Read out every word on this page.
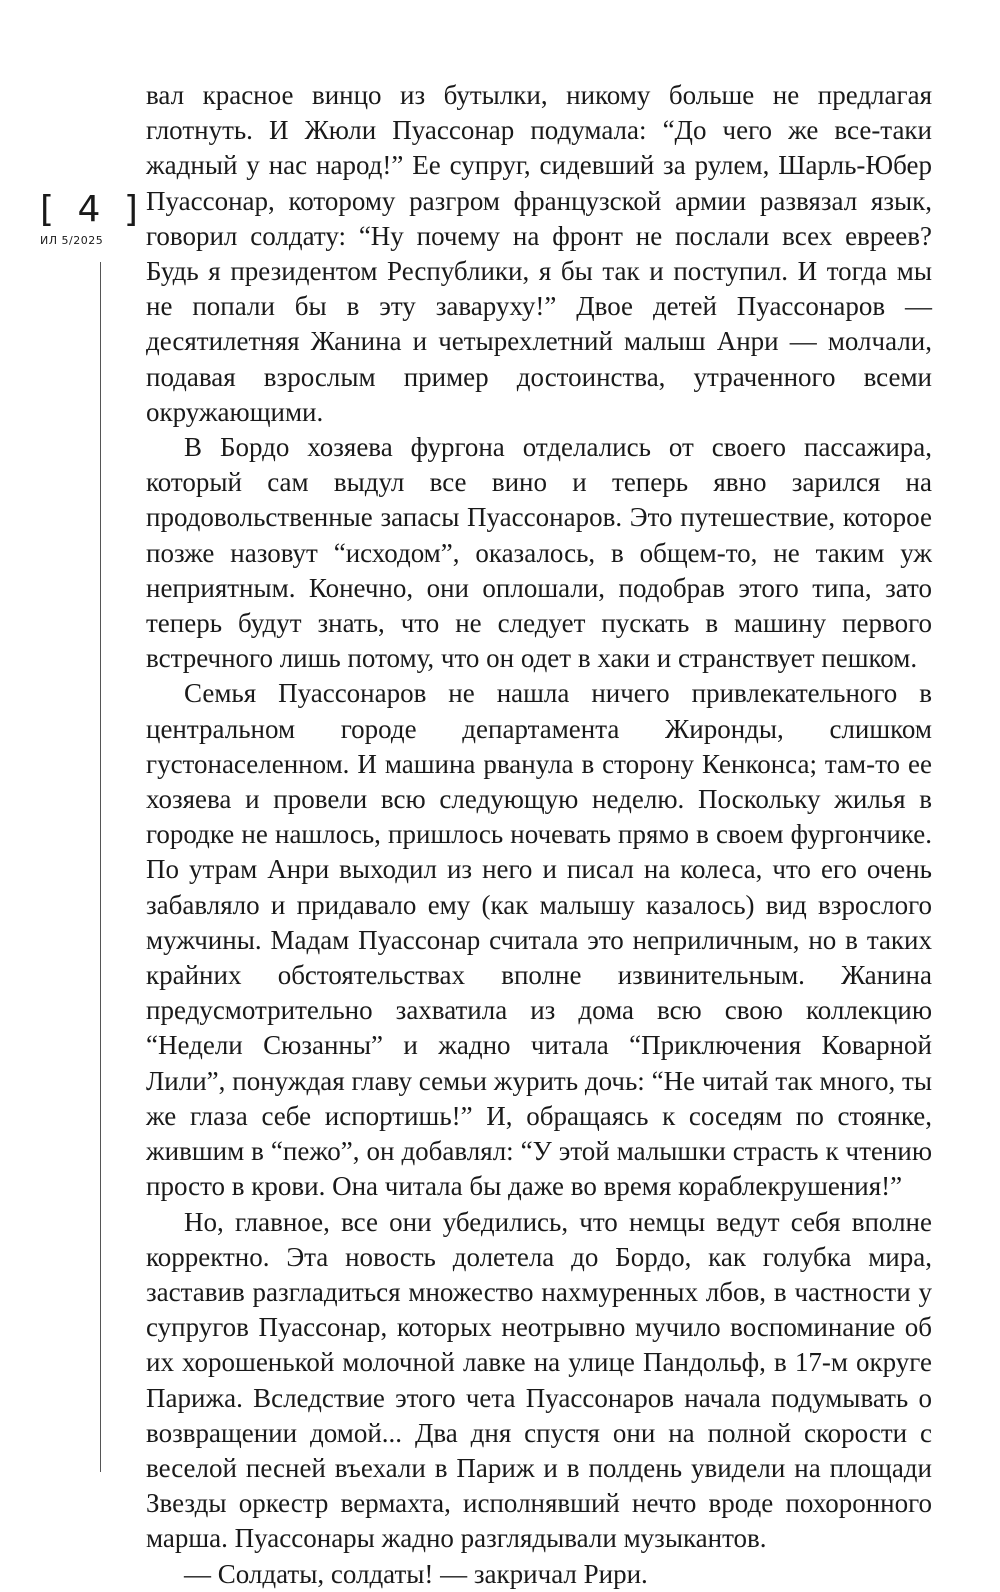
[ 4 ]
ИЛ 5/2025

вал красное винцо из бутылки, никому больше не предлагая глотнуть. И Жюли Пуассонар подумала: “До чего же все-таки жадный у нас народ!” Ее супруг, сидевший за рулем, Шарль-Юбер Пуассонар, которому разгром французской армии развязал язык, говорил солдату: “Ну почему на фронт не послали всех евреев? Будь я президентом Республики, я бы так и поступил. И тогда мы не попали бы в эту заваруху!” Двое детей Пуассонаров — десятилетняя Жанина и четырехлетний малыш Анри — молчали, подавая взрослым пример достоинства, утраченного всеми окружающими.

В Бордо хозяева фургона отделались от своего пассажира, который сам выдул все вино и теперь явно зарился на продовольственные запасы Пуассонаров. Это путешествие, которое позже назовут “исходом”, оказалось, в общем-то, не таким уж неприятным. Конечно, они оплошали, подобрав этого типа, зато теперь будут знать, что не следует пускать в машину первого встречного лишь потому, что он одет в хаки и странствует пешком.

Семья Пуассонаров не нашла ничего привлекательного в центральном городе департамента Жиронды, слишком густонаселенном. И машина рванула в сторону Кенконса; там-то ее хозяева и провели всю следующую неделю. Поскольку жилья в городке не нашлось, пришлось ночевать прямо в своем фургончике. По утрам Анри выходил из него и писал на колеса, что его очень забавляло и придавало ему (как малышу казалось) вид взрослого мужчины. Мадам Пуассонар считала это неприличным, но в таких крайних обстоятельствах вполне извинительным. Жанина предусмотрительно захватила из дома всю свою коллекцию “Недели Сюзанны” и жадно читала “Приключения Коварной Лили”, понуждая главу семьи журить дочь: “Не читай так много, ты же глаза себе испортишь!” И, обращаясь к соседям по стоянке, жившим в “пежо”, он добавлял: “У этой малышки страсть к чтению просто в крови. Она читала бы даже во время кораблекрушения!”

Но, главное, все они убедились, что немцы ведут себя вполне корректно. Эта новость долетела до Бордо, как голубка мира, заставив разгладиться множество нахмуренных лбов, в частности у супругов Пуассонар, которых неотрывно мучило воспоминание об их хорошенькой молочной лавке на улице Пандольф, в 17-м округе Парижа. Вследствие этого чета Пуассонаров начала подумывать о возвращении домой... Два дня спустя они на полной скорости с веселой песней въехали в Париж и в полдень увидели на площади Звезды оркестр вермахта, исполнявший нечто вроде похоронного марша. Пуассонары жадно разглядывали музыкантов.

— Солдаты, солдаты! — закричал Рири.
